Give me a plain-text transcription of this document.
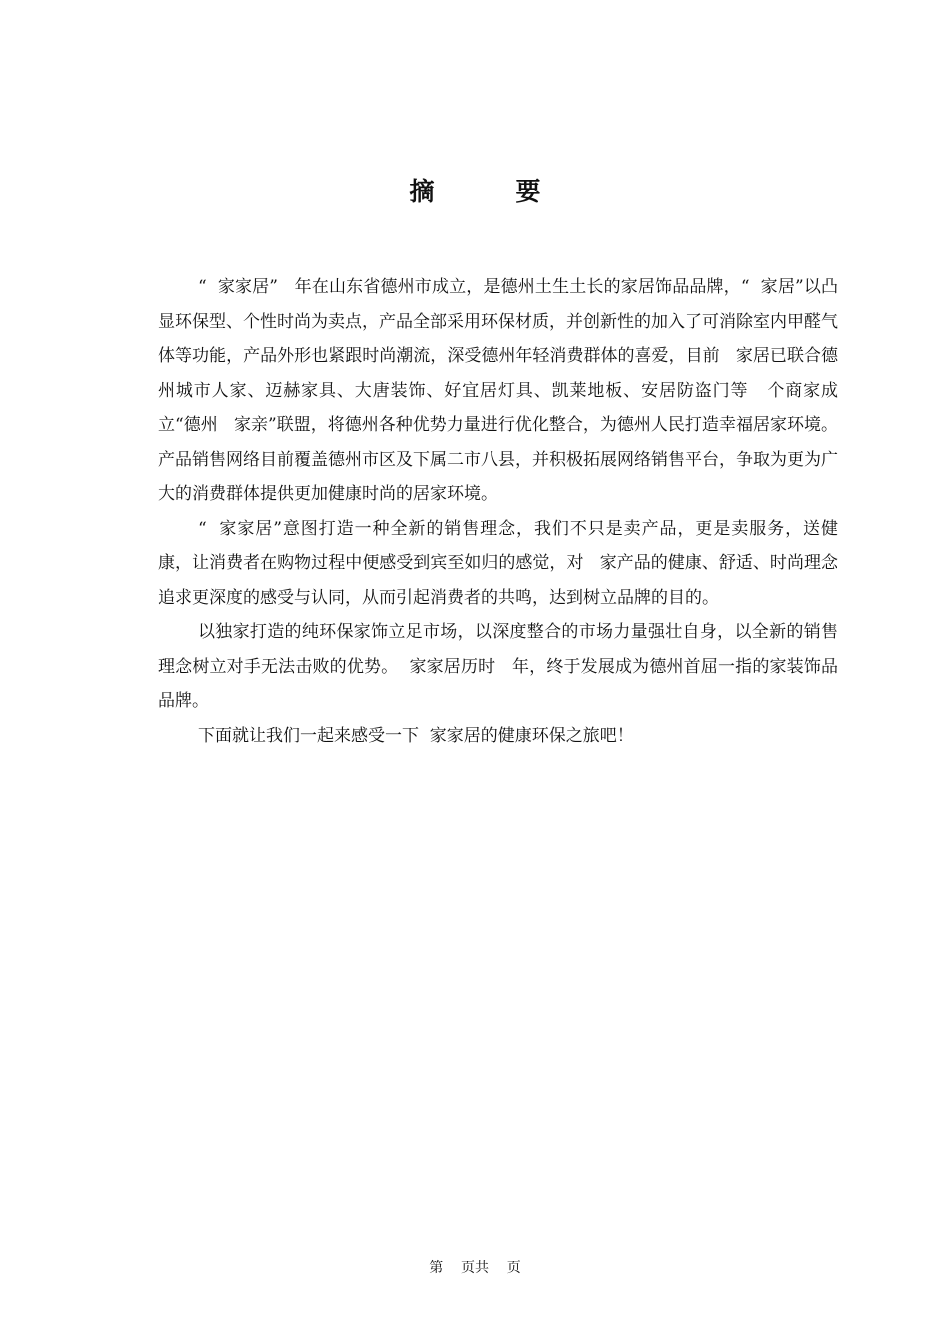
摘　要

“  家家居”   年在山东省德州市成立，是德州土生土长的家居饰品品牌，“  家居”以凸显环保型、个性时尚为卖点，产品全部采用环保材质，并创新性的加入了可消除室内甲醛气体等功能，产品外形也紧跟时尚潮流，深受德州年轻消费群体的喜爱，目前   家居已联合德州城市人家、迈赫家具、大唐装饰、好宜居灯具、凯莱地板、安居防盗门等   个商家成立“德州   家亲”联盟，将德州各种优势力量进行优化整合，为德州人民打造幸福居家环境。产品销售网络目前覆盖德州市区及下属二市八县，并积极拓展网络销售平台，争取为更为广大的消费群体提供更加健康时尚的居家环境。

“  家家居”意图打造一种全新的销售理念，我们不只是卖产品，更是卖服务，送健康，让消费者在购物过程中便感受到宾至如归的感觉，对   家产品的健康、舒适、时尚理念追求更深度的感受与认同，从而引起消费者的共鸣，达到树立品牌的目的。

以独家打造的纯环保家饰立足市场，以深度整合的市场力量强壮自身，以全新的销售理念树立对手无法击败的优势。  家家居历时   年，终于发展成为德州首屈一指的家装饰品品牌。

下面就让我们一起来感受一下  家家居的健康环保之旅吧！

第    页共    页
